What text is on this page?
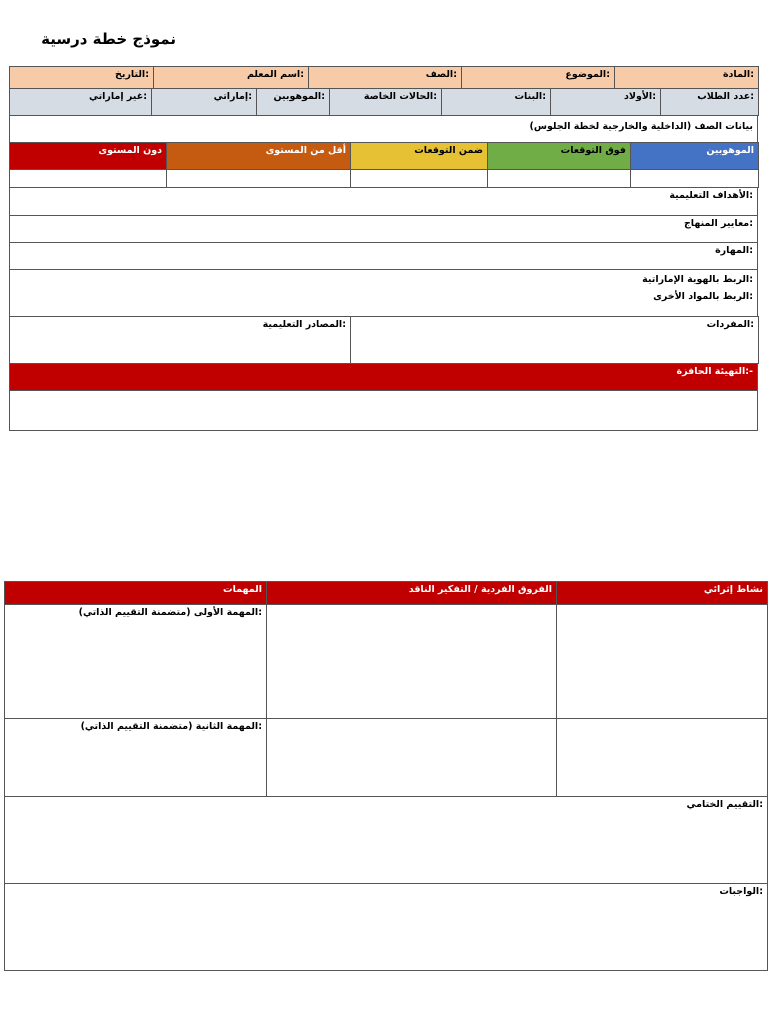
نموذج خطة درسية
التاريخ:	اسم المعلم:	الصف:	الموضوع:	المادة:
غير إماراتي:	إماراتي:	الموهوبين:	الحالات الخاصة:	البنات:	الأولاد:	عدد الطلاب:
بيانات الصف (الداخلية والخارجية لخطة الجلوس)
دون المستوى	أقل من المستوى	ضمن التوقعات	فوق التوقعات	الموهوبين

الأهداف التعليمية:
معايير المنهاج:
المهارة:

الربط بالهوية الإماراتية:
الربط بالمواد الأخرى:
المصادر التعليمية:	المفردات:
التهيئة الحافزة:-

المهمات	الفروق الفردية / التفكير الناقد	نشاط إثرائي
المهمة الأولى (متضمنة التقييم الذاتي):		
المهمة الثانية (متضمنة التقييم الذاتي):		
التقييم الختامي:		
الواجبات:		
